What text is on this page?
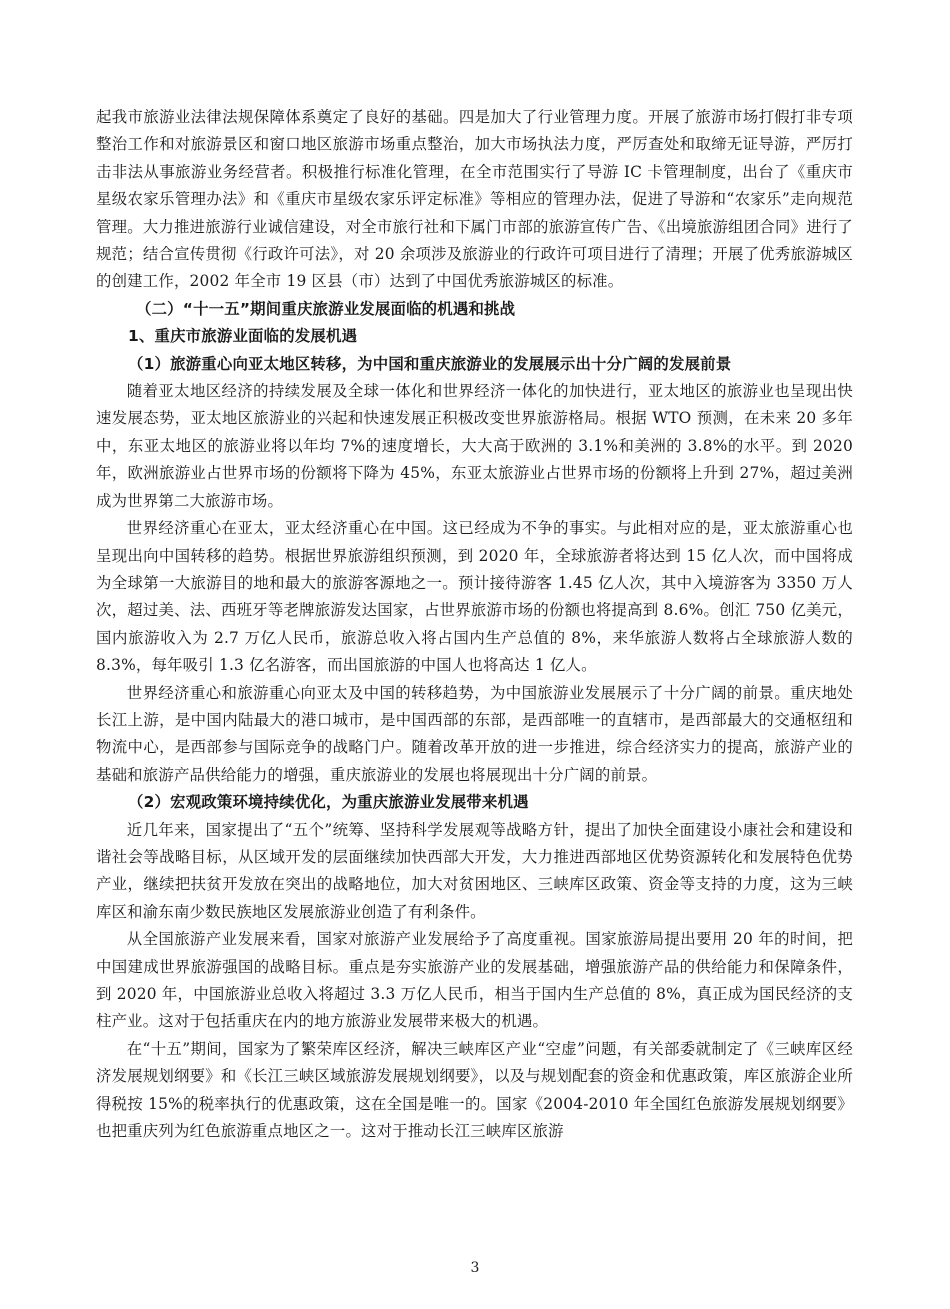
起我市旅游业法律法规保障体系奠定了良好的基础。四是加大了行业管理力度。开展了旅游市场打假打非专项整治工作和对旅游景区和窗口地区旅游市场重点整治，加大市场执法力度，严厉查处和取缔无证导游，严厉打击非法从事旅游业务经营者。积极推行标准化管理，在全市范围实行了导游 IC 卡管理制度，出台了《重庆市星级农家乐管理办法》和《重庆市星级农家乐评定标准》等相应的管理办法，促进了导游和“农家乐”走向规范管理。大力推进旅游行业诚信建设，对全市旅行社和下属门市部的旅游宣传广告、《出境旅游组团合同》进行了规范；结合宣传贯彻《行政许可法》，对 20 余项涉及旅游业的行政许可项目进行了清理；开展了优秀旅游城区的创建工作，2002 年全市 19 区县（市）达到了中国优秀旅游城区的标准。

（二）“十一五”期间重庆旅游业发展面临的机遇和挑战

1、重庆市旅游业面临的发展机遇

（1）旅游重心向亚太地区转移，为中国和重庆旅游业的发展展示出十分广阔的发展前景

随着亚太地区经济的持续发展及全球一体化和世界经济一体化的加快进行，亚太地区的旅游业也呈现出快速发展态势，亚太地区旅游业的兴起和快速发展正积极改变世界旅游格局。根据 WTO 预测，在未来 20 多年中，东亚太地区的旅游业将以年均 7%的速度增长，大大高于欧洲的 3.1%和美洲的 3.8%的水平。到 2020 年，欧洲旅游业占世界市场的份额将下降为 45%，东亚太旅游业占世界市场的份额将上升到 27%，超过美洲成为世界第二大旅游市场。

世界经济重心在亚太，亚太经济重心在中国。这已经成为不争的事实。与此相对应的是，亚太旅游重心也呈现出向中国转移的趋势。根据世界旅游组织预测，到 2020 年，全球旅游者将达到 15 亿人次，而中国将成为全球第一大旅游目的地和最大的旅游客源地之一。预计接待游客 1.45 亿人次，其中入境游客为 3350 万人次，超过美、法、西班牙等老牌旅游发达国家，占世界旅游市场的份额也将提高到 8.6%。创汇 750 亿美元，国内旅游收入为 2.7 万亿人民币，旅游总收入将占国内生产总值的 8%，来华旅游人数将占全球旅游人数的 8.3%，每年吸引 1.3 亿名游客，而出国旅游的中国人也将高达 1 亿人。

世界经济重心和旅游重心向亚太及中国的转移趋势，为中国旅游业发展展示了十分广阔的前景。重庆地处长江上游，是中国内陆最大的港口城市，是中国西部的东部，是西部唯一的直辖市，是西部最大的交通枢纽和物流中心，是西部参与国际竞争的战略门户。随着改革开放的进一步推进，综合经济实力的提高，旅游产业的基础和旅游产品供给能力的增强，重庆旅游业的发展也将展现出十分广阔的前景。

（2）宏观政策环境持续优化，为重庆旅游业发展带来机遇

近几年来，国家提出了“五个”统筹、坚持科学发展观等战略方针，提出了加快全面建设小康社会和建设和谐社会等战略目标，从区域开发的层面继续加快西部大开发，大力推进西部地区优势资源转化和发展特色优势产业，继续把扶贫开发放在突出的战略地位，加大对贫困地区、三峡库区政策、资金等支持的力度，这为三峡库区和渝东南少数民族地区发展旅游业创造了有利条件。

从全国旅游产业发展来看，国家对旅游产业发展给予了高度重视。国家旅游局提出要用 20 年的时间，把中国建成世界旅游强国的战略目标。重点是夯实旅游产业的发展基础，增强旅游产品的供给能力和保障条件，到 2020 年，中国旅游业总收入将超过 3.3 万亿人民币，相当于国内生产总值的 8%，真正成为国民经济的支柱产业。这对于包括重庆在内的地方旅游业发展带来极大的机遇。

在“十五”期间，国家为了繁荣库区经济，解决三峡库区产业“空虚”问题，有关部委就制定了《三峡库区经济发展规划纲要》和《长江三峡区域旅游发展规划纲要》，以及与规划配套的资金和优惠政策，库区旅游企业所得税按 15%的税率执行的优惠政策，这在全国是唯一的。国家《2004-2010 年全国红色旅游发展规划纲要》也把重庆列为红色旅游重点地区之一。这对于推动长江三峡库区旅游

3
